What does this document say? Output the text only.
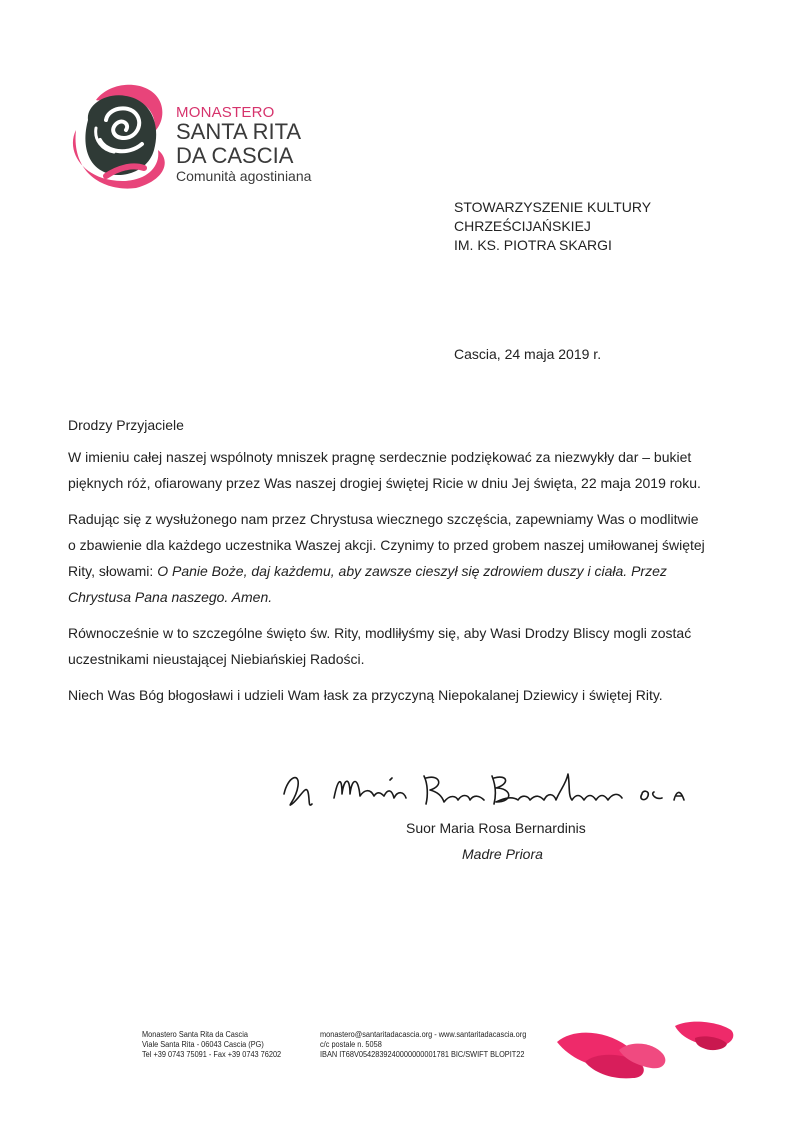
MONASTERO
SANTA RITA
DA CASCIA
Comunità agostiniana
STOWARZYSZENIE KULTURY
CHRZEŚCIJAŃSKIEJ
IM. KS. PIOTRA SKARGI
Cascia, 24 maja 2019 r.

Drodzy Przyjaciele

W imieniu całej naszej wspólnoty mniszek pragnę serdecznie podziękować za niezwykły dar – bukiet pięknych róż, ofiarowany przez Was naszej drogiej świętej Ricie w dniu Jej święta, 22 maja 2019 roku.

Radując się z wysłużonego nam przez Chrystusa wiecznego szczęścia, zapewniamy Was o modlitwie o zbawienie dla każdego uczestnika Waszej akcji. Czynimy to przed grobem naszej umiłowanej świętej Rity, słowami: O Panie Boże, daj każdemu, aby zawsze cieszył się zdrowiem duszy i ciała. Przez Chrystusa Pana naszego. Amen.

Równocześnie w to szczególne święto św. Rity, modliłyśmy się, aby Wasi Drodzy Bliscy mogli zostać uczestnikami nieustającej Niebiańskiej Radości.

Niech Was Bóg błogosławi i udzieli Wam łask za przyczyną Niepokalanej Dziewicy i świętej Rity.

Suor Maria Rosa Bernardinis
Madre Priora
Monastero Santa Rita da Cascia
Viale Santa Rita - 06043 Cascia (PG)
Tel +39 0743 75091 - Fax +39 0743 76202
monastero@santaritadacascia.org - www.santaritadacascia.org
c/c postale n. 5058
IBAN IT68V0542839240000000001781 BIC/SWIFT BLOPIT22
